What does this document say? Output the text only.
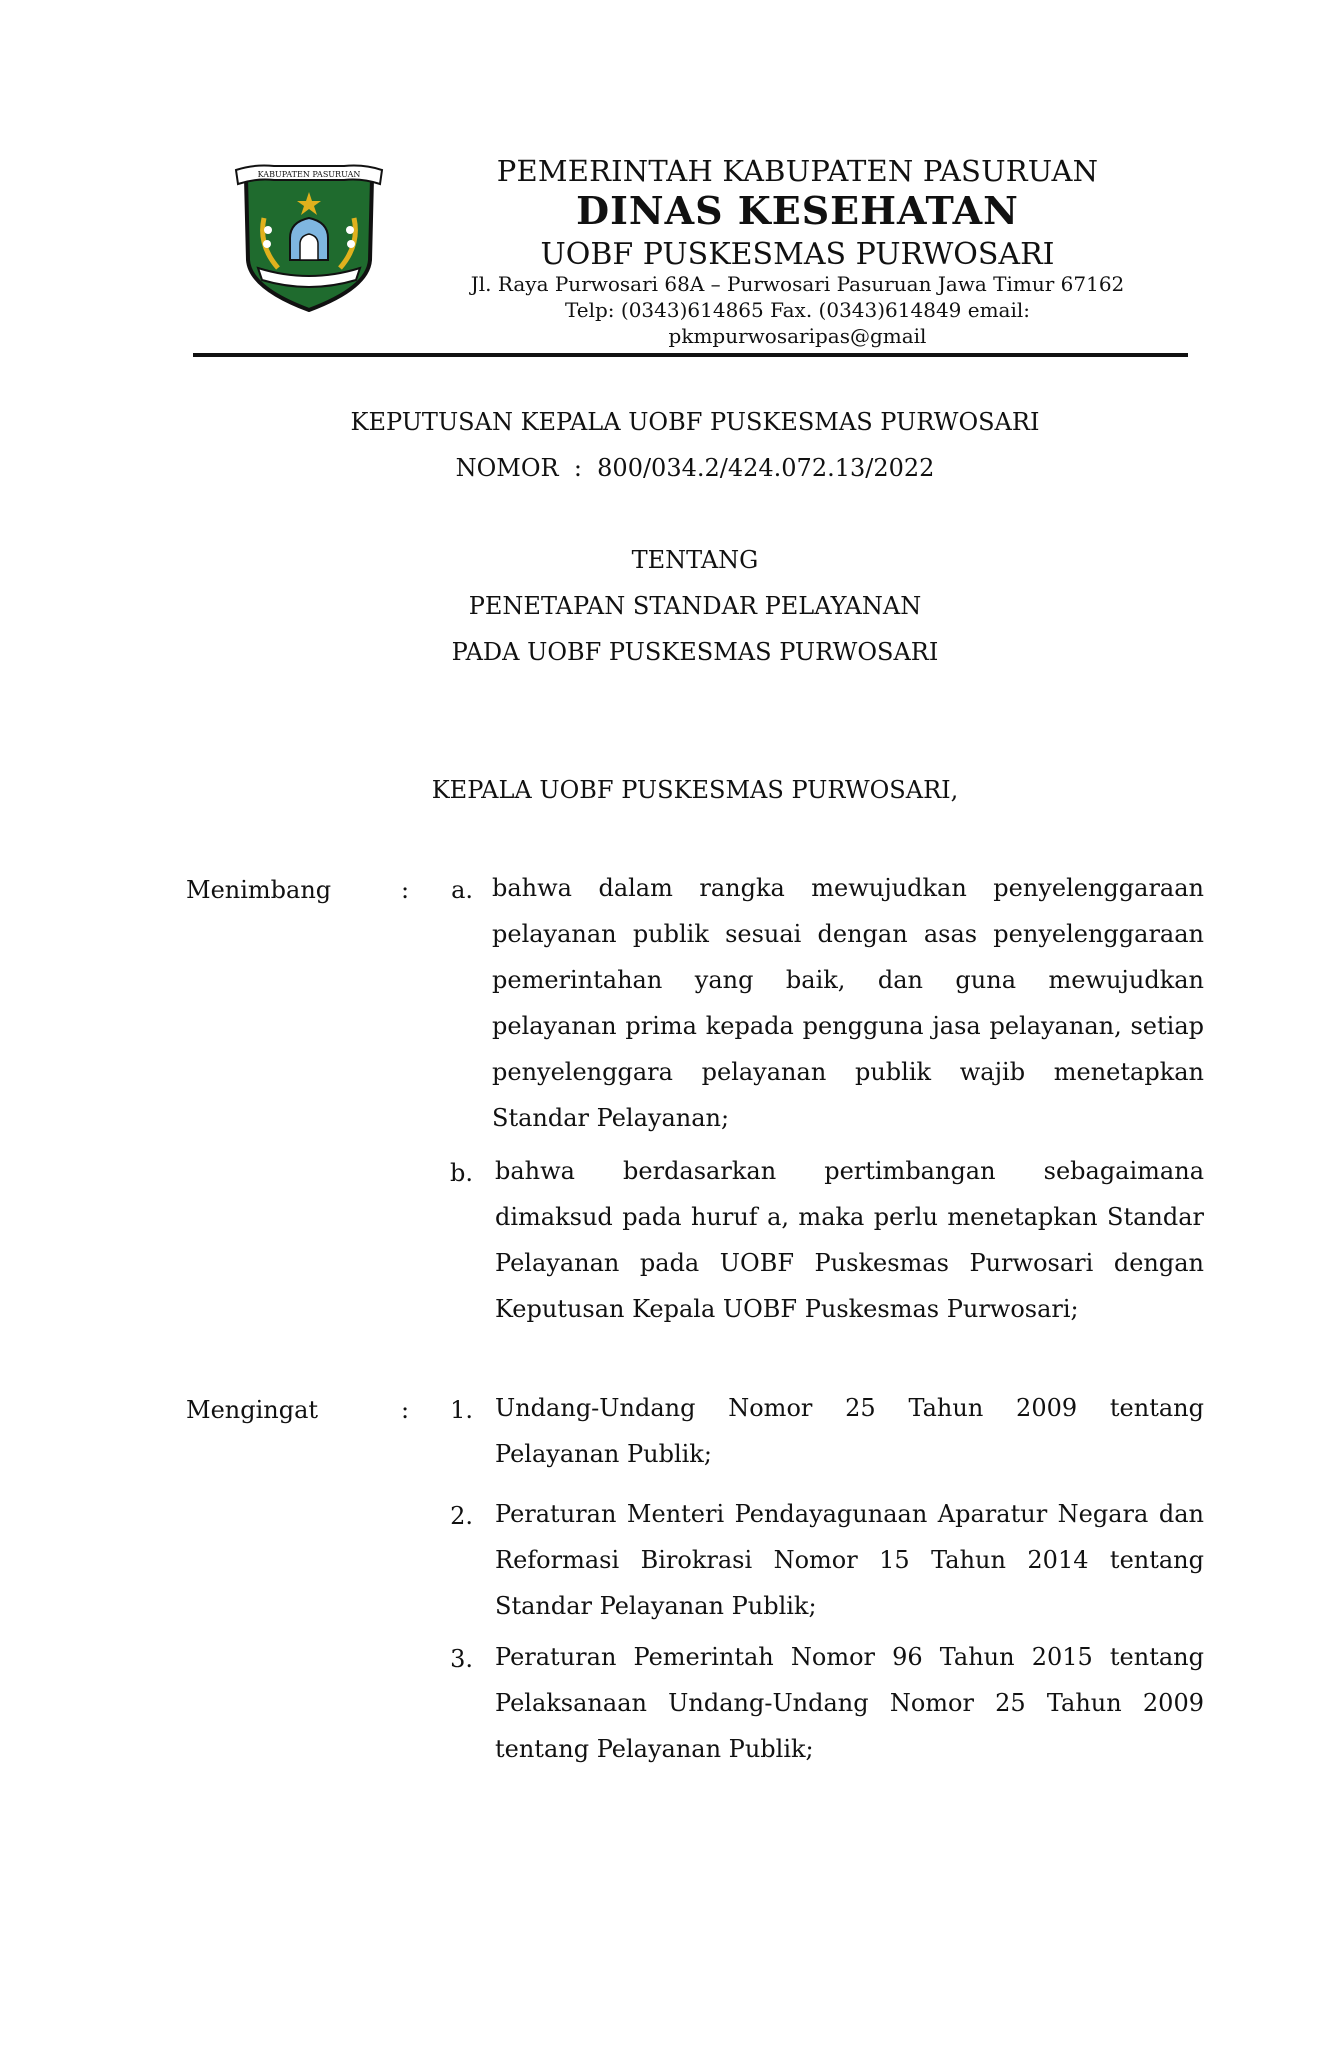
KABUPATEN PASURUAN	PEMERINTAH KABUPATEN PASURUAN
DINAS KESEHATAN
UOBF PUSKESMAS PURWOSARI
Jl. Raya Purwosari 68A – Purwosari Pasuruan Jawa Timur 67162
Telp: (0343)614865 Fax. (0343)614849 email:
pkmpurwosaripas@gmail
KEPUTUSAN KEPALA UOBF PUSKESMAS PURWOSARI
NOMOR  :  800/034.2/424.072.13/2022
TENTANG
PENETAPAN STANDAR PELAYANAN
PADA UOBF PUSKESMAS PURWOSARI
KEPALA UOBF PUSKESMAS PURWOSARI,
Menimbang	:	a. bahwa dalam rangka mewujudkan penyelenggaraan pelayanan publik sesuai dengan asas penyelenggaraan pemerintahan yang baik, dan guna mewujudkan pelayanan prima kepada pengguna jasa pelayanan, setiap penyelenggara pelayanan publik wajib menetapkan Standar Pelayanan;

b. bahwa berdasarkan pertimbangan sebagaimana dimaksud pada huruf a, maka perlu menetapkan Standar Pelayanan pada UOBF Puskesmas Purwosari dengan Keputusan Kepala UOBF Puskesmas Purwosari;

Mengingat	:	1. Undang-Undang Nomor 25 Tahun 2009 tentang Pelayanan Publik;

2. Peraturan Menteri Pendayagunaan Aparatur Negara dan Reformasi Birokrasi Nomor 15 Tahun 2014 tentang Standar Pelayanan Publik;

3. Peraturan Pemerintah Nomor 96 Tahun 2015 tentang Pelaksanaan Undang-Undang Nomor 25 Tahun 2009 tentang Pelayanan Publik;
